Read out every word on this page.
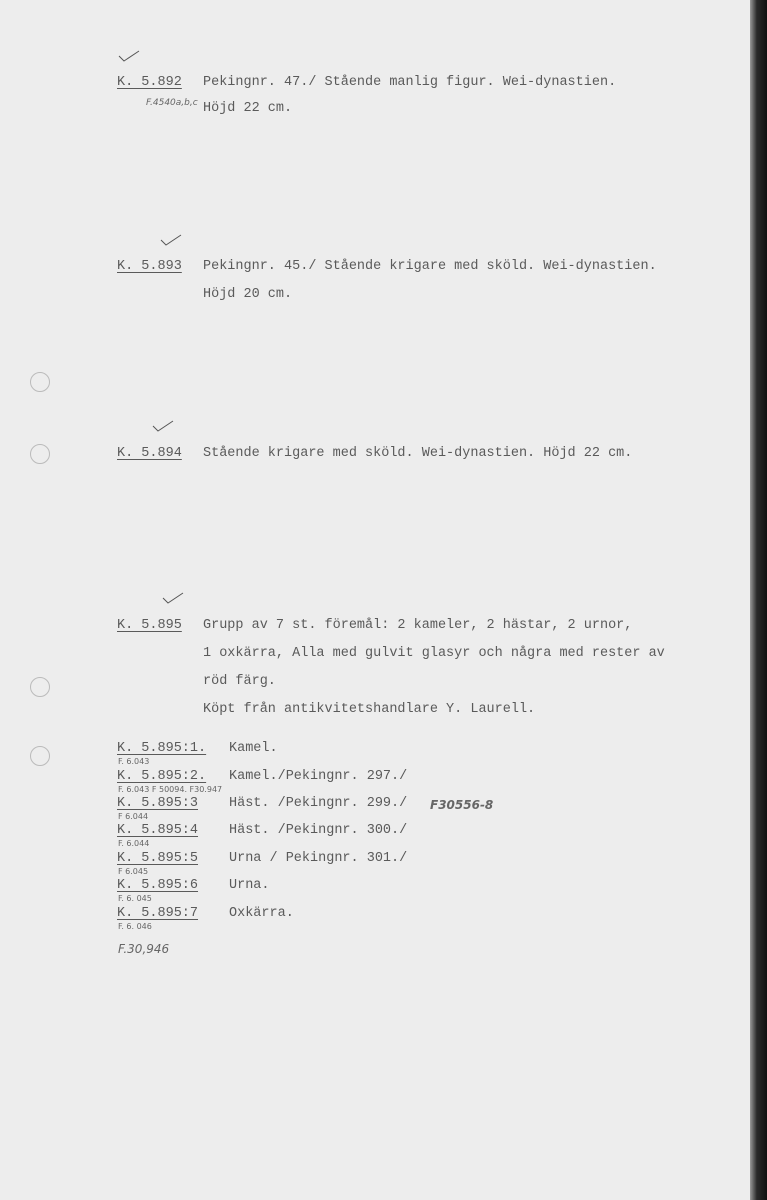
K. 5.892 Pekingnr. 47./ Stående manlig figur. Wei-dynastien.
F.4540a,b,c Höjd 22 cm.
K. 5.893 Pekingnr. 45./ Stående krigare med sköld. Wei-dynastien.
Höjd 20 cm.
K. 5.894 Stående krigare med sköld. Wei-dynastien. Höjd 22 cm.
K. 5.895 Grupp av 7 st. föremål: 2 kameler, 2 hästar, 2 urnor,
1 oxkärra, Alla med gulvit glasyr och några med rester av
röd färg.
Köpt från antikvitetshandlare Y. Laurell.
K. 5.895:1. Kamel.
F. 6.043
K. 5.895:2. Kamel./Pekingnr. 297./
F. 6.043 F 50094. F30.947
K. 5.895:3 Häst. /Pekingnr. 299./
F 6.044
F30556-8
K. 5.895:4 Häst. /Pekingnr. 300./
F. 6.044
K. 5.895:5 Urna / Pekingnr. 301./
F 6.045
K. 5.895:6 Urna.
F. 6. 045
K. 5.895:7 Oxkärra.
F. 6. 046
F.30,946
